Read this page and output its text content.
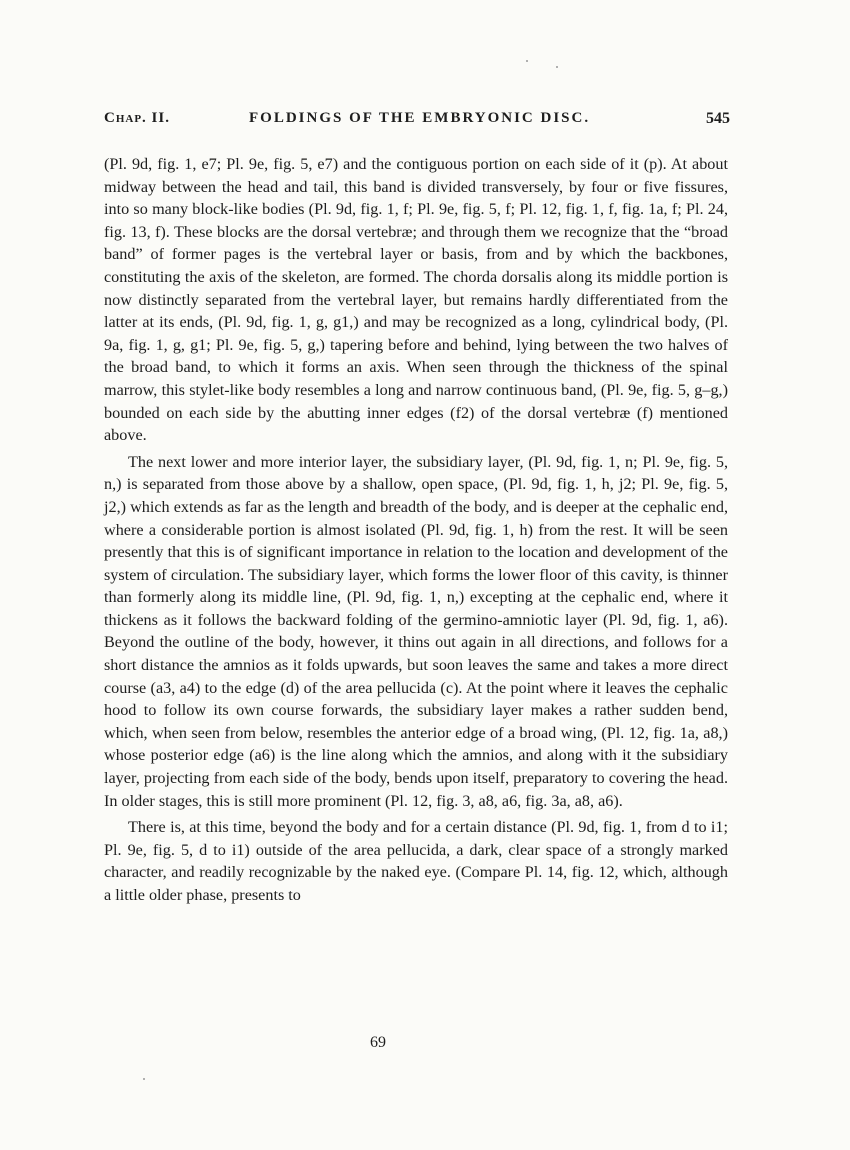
Chap. II.	FOLDINGS OF THE EMBRYONIC DISC.	545

(Pl. 9d, fig. 1, e7; Pl. 9e, fig. 5, e7) and the contiguous portion on each side of it (p). At about midway between the head and tail, this band is divided transversely, by four or five fissures, into so many block-like bodies (Pl. 9d, fig. 1, f; Pl. 9e, fig. 5, f; Pl. 12, fig. 1, f, fig. 1a, f; Pl. 24, fig. 13, f). These blocks are the dorsal vertebræ; and through them we recognize that the “broad band” of former pages is the vertebral layer or basis, from and by which the backbones, constituting the axis of the skeleton, are formed. The chorda dorsalis along its middle portion is now distinctly separated from the vertebral layer, but remains hardly differentiated from the latter at its ends, (Pl. 9d, fig. 1, g, g1,) and may be recognized as a long, cylindrical body, (Pl. 9a, fig. 1, g, g1; Pl. 9e, fig. 5, g,) tapering before and behind, lying between the two halves of the broad band, to which it forms an axis. When seen through the thickness of the spinal marrow, this stylet-like body resembles a long and narrow continuous band, (Pl. 9e, fig. 5, g–g,) bounded on each side by the abutting inner edges (f2) of the dorsal vertebræ (f) mentioned above.

The next lower and more interior layer, the subsidiary layer, (Pl. 9d, fig. 1, n; Pl. 9e, fig. 5, n,) is separated from those above by a shallow, open space, (Pl. 9d, fig. 1, h, j2; Pl. 9e, fig. 5, j2,) which extends as far as the length and breadth of the body, and is deeper at the cephalic end, where a considerable portion is almost isolated (Pl. 9d, fig. 1, h) from the rest. It will be seen presently that this is of significant importance in relation to the location and development of the system of circulation. The subsidiary layer, which forms the lower floor of this cavity, is thinner than formerly along its middle line, (Pl. 9d, fig. 1, n,) excepting at the cephalic end, where it thickens as it follows the backward folding of the germino-amniotic layer (Pl. 9d, fig. 1, a6). Beyond the outline of the body, however, it thins out again in all directions, and follows for a short distance the amnios as it folds upwards, but soon leaves the same and takes a more direct course (a3, a4) to the edge (d) of the area pellucida (c). At the point where it leaves the cephalic hood to follow its own course forwards, the subsidiary layer makes a rather sudden bend, which, when seen from below, resembles the anterior edge of a broad wing, (Pl. 12, fig. 1a, a8,) whose posterior edge (a6) is the line along which the amnios, and along with it the subsidiary layer, projecting from each side of the body, bends upon itself, preparatory to covering the head. In older stages, this is still more prominent (Pl. 12, fig. 3, a8, a6, fig. 3a, a8, a6).

There is, at this time, beyond the body and for a certain distance (Pl. 9d, fig. 1, from d to i1; Pl. 9e, fig. 5, d to i1) outside of the area pellucida, a dark, clear space of a strongly marked character, and readily recognizable by the naked eye. (Compare Pl. 14, fig. 12, which, although a little older phase, presents to

69
